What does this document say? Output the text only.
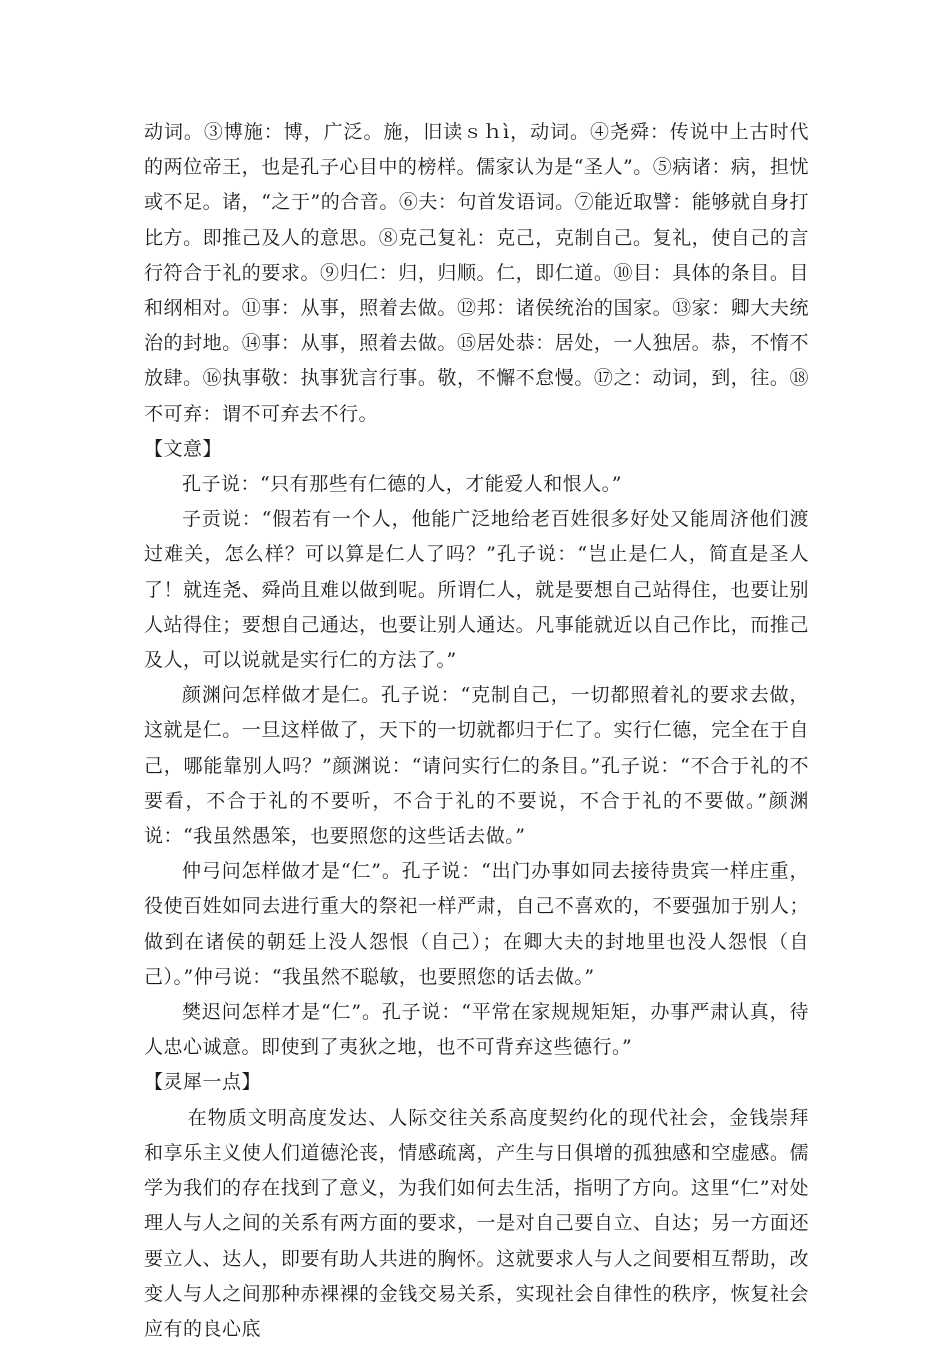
动词。③博施：博，广泛。施，旧读ｓｈì，动词。④尧舜：传说中上古时代的两位帝王，也是孔子心目中的榜样。儒家认为是“圣人”。⑤病诸：病，担忧或不足。诸，“之于”的合音。⑥夫：句首发语词。⑦能近取譬：能够就自身打比方。即推己及人的意思。⑧克己复礼：克己，克制自己。复礼，使自己的言行符合于礼的要求。⑨归仁：归，归顺。仁，即仁道。⑩目：具体的条目。目和纲相对。⑪事：从事，照着去做。⑫邦：诸侯统治的国家。⑬家：卿大夫统治的封地。⑭事：从事，照着去做。⑮居处恭：居处，一人独居。恭，不惰不放肆。⑯执事敬：执事犹言行事。敬，不懈不怠慢。⑰之：动词，到，往。⑱不可弃：谓不可弃去不行。

【文意】

孔子说：“只有那些有仁德的人，才能爱人和恨人。”

子贡说：“假若有一个人，他能广泛地给老百姓很多好处又能周济他们渡过难关，怎么样？可以算是仁人了吗？”孔子说：“岂止是仁人，简直是圣人了！就连尧、舜尚且难以做到呢。所谓仁人，就是要想自己站得住，也要让别人站得住；要想自己通达，也要让别人通达。凡事能就近以自己作比，而推己及人，可以说就是实行仁的方法了。”

颜渊问怎样做才是仁。孔子说：“克制自己，一切都照着礼的要求去做，这就是仁。一旦这样做了，天下的一切就都归于仁了。实行仁德，完全在于自己，哪能靠别人吗？”颜渊说：“请问实行仁的条目。”孔子说：“不合于礼的不要看，不合于礼的不要听，不合于礼的不要说，不合于礼的不要做。”颜渊说：“我虽然愚笨，也要照您的这些话去做。”

仲弓问怎样做才是“仁”。孔子说：“出门办事如同去接待贵宾一样庄重，役使百姓如同去进行重大的祭祀一样严肃，自己不喜欢的，不要强加于别人；做到在诸侯的朝廷上没人怨恨（自己）；在卿大夫的封地里也没人怨恨（自己）。”仲弓说：“我虽然不聪敏，也要照您的话去做。”

樊迟问怎样才是“仁”。孔子说：“平常在家规规矩矩，办事严肃认真，待人忠心诚意。即使到了夷狄之地，也不可背弃这些德行。”

【灵犀一点】

在物质文明高度发达、人际交往关系高度契约化的现代社会，金钱崇拜和享乐主义使人们道德沦丧，情感疏离，产生与日俱增的孤独感和空虚感。儒学为我们的存在找到了意义，为我们如何去生活，指明了方向。这里“仁”对处理人与人之间的关系有两方面的要求，一是对自己要自立、自达；另一方面还要立人、达人，即要有助人共进的胸怀。这就要求人与人之间要相互帮助，改变人与人之间那种赤裸裸的金钱交易关系，实现社会自律性的秩序，恢复社会应有的良心底
